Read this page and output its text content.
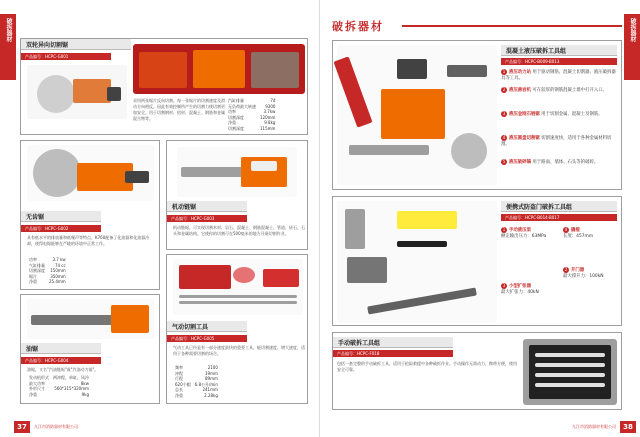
破拆器材
双轮异向切割锯
产品编号：HCPC-G001
采用两张锯片反向切割。每一张锯片的切割速度及滑动方向相反。因此有效控制所产生的切割力使切割更加安全。用于切割钢材、铝材、混凝土、钢筋和金属混合物等。
汽缸排量	74
无负荷最大转速	9300
功率	3.7kw
切割深度	120mm
净重	9.8kg
切割深度	115mm
无齿锯
产品编号：HCPC-G002
具有低水平的排放量和低噪声等特点。K760配备了化油器和化油器冷却，使得电锯能够在严峻的环境中正常工作。
功率	3.7 kw
气缸排量	74 cc
切割深度	150mm
锯片	350mm
净重	25.4mm
机动链锯
产品编号：HCPC-G003
机动链锯。可实现切割木材、岩石、混凝土、钢筋混凝土、管道、砖石、石头和金属结构。它使你的切割可在500毫米的地方开展切割作业。
气动切割工具
产品编号：HCPC-G005
气动工具已经是有一部分速度最快的重要工具，能切割速度、增大速度，适用于各种需要切割的场合。
频率	2100
冲程	19mm
行程	89mm
620个帽	6.8公升/min
总长	241mm
净重	2.28kg
油锯
产品编号：HCPC-G004
油锯，又名"汽油链锯"或"汽油动力锯"。
发动机形式	两冲程、单缸、风冷
最大功率	8kw
外形尺寸	560*315*320mm
净重	9kg
37	九江市消防器材有限公司
破拆器材
破拆器材
混凝土液压破拆工具组
产品编号：HCPC-B009-B013
1 液压动力站 用于驱动钢筋、混凝土切割器、液压破拆器具等工具。
2 液压凿岩机 可在较厚的钢筋混凝土墙中打开入口。
3 液压金刚石链锯 用于切割金属、混凝土及钢筋。
4 液压圆盘切割锯 切割速度快，适用于各种金属材料切割。
5 液压破碎镐 用于路面、墙体、石头等的破碎。
便携式防盗门破拆工具组
产品编号：HCPC-B014-B017
1 手动液压泵
额定输出压力：63MPa
4 撬棍
长度：457mm
2 开门器
最大撑开力：100kN
3 小型扩张器
最大扩张力：40kN
手动破拆工具组
产品编号：HCPC-F018
包括一套完整的手动破拆工具，适用于抢险救援中各种破拆作业。手动操作无需动力，携带方便，使用安全可靠。
九江市消防器材有限公司	38
